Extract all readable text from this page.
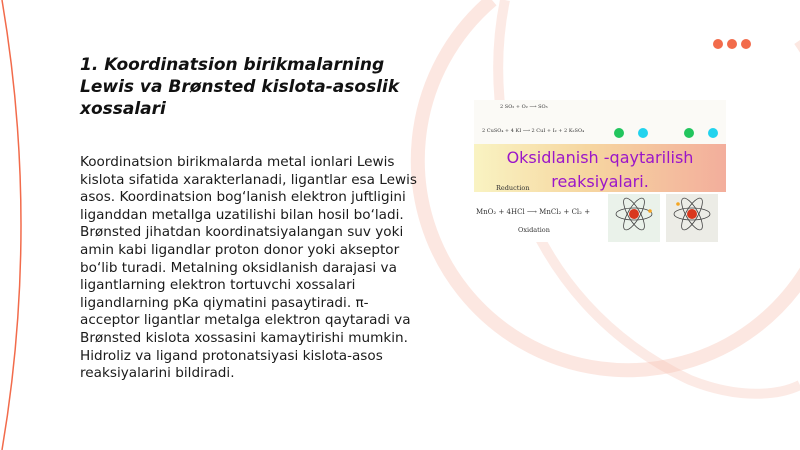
1. Koordinatsion birikmalarning Lewis va Brønsted kislota-asoslik xossalari

Koordinatsion birikmalarda metal ionlari Lewis kislota sifatida xarakterlanadi, ligantlar esa Lewis asos. Koordinatsion bog‘lanish elektron juftligini liganddan metallga uzatilishi bilan hosil bo‘ladi. Brønsted jihatdan koordinatsiyalangan suv yoki amin kabi ligandlar proton donor yoki akseptor bo‘lib turadi. Metalning oksidlanish darajasi va ligantlarning elektron tortuvchi xossalari ligandlarning pKa qiymatini pasaytiradi. π-acceptor ligantlar metalga elektron qaytaradi va Brønsted kislota xossasini kamaytirishi mumkin. Hidroliz va ligand protonatsiyasi kislota-asos reaksiyalarini bildiradi.

2 SO₂ + O₂ ⟶ SO₃
2 CuSO₄ + 4 KI ⟶ 2 CuI + I₂ + 2 K₂SO₄
Oksidlanish -qaytarilish
reaksiyalari.
Reduction
MnO₂ + 4HCl ⟶ MnCl₂ + Cl₂ +
Oxidation
